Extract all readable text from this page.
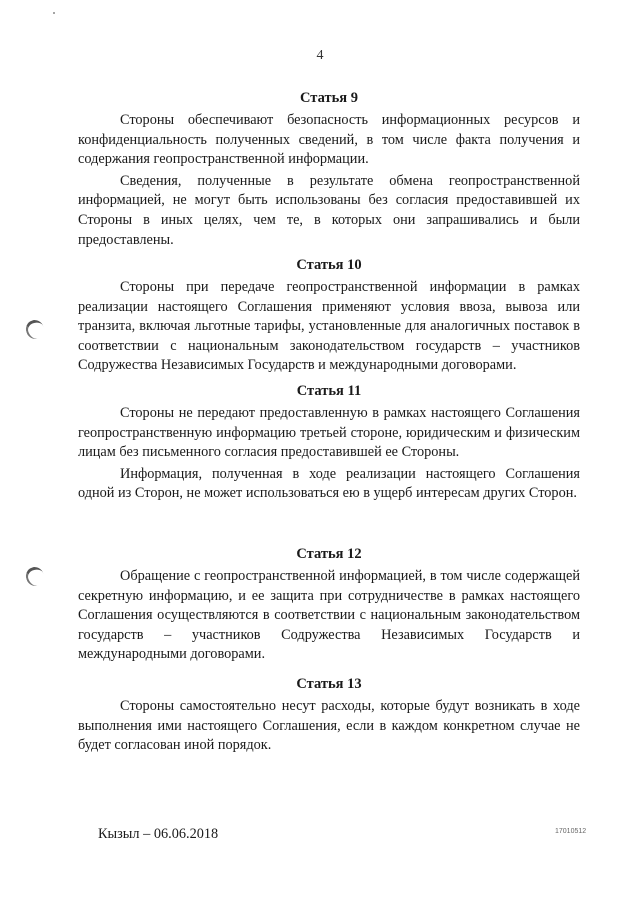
4
Статья 9

Стороны обеспечивают безопасность информационных ресурсов и конфиденциальность полученных сведений, в том числе факта получения и содержания геопространственной информации.

Сведения, полученные в результате обмена геопространственной информацией, не могут быть использованы без согласия предоставившей их Стороны в иных целях, чем те, в которых они запрашивались и были предоставлены.

Статья 10

Стороны при передаче геопространственной информации в рамках реализации настоящего Соглашения применяют условия ввоза, вывоза или транзита, включая льготные тарифы, установленные для аналогичных поставок в соответствии с национальным законодательством государств – участников Содружества Независимых Государств и международными договорами.

Статья 11

Стороны не передают предоставленную в рамках настоящего Соглашения геопространственную информацию третьей стороне, юридическим и физическим лицам без письменного согласия предоставившей ее Стороны.

Информация, полученная в ходе реализации настоящего Соглашения одной из Сторон, не может использоваться ею в ущерб интересам других Сторон.

Статья 12

Обращение с геопространственной информацией, в том числе содержащей секретную информацию, и ее защита при сотрудничестве в рамках настоящего Соглашения осуществляются в соответствии с национальным законодательством государств – участников Содружества Независимых Государств и международными договорами.

Статья 13

Стороны самостоятельно несут расходы, которые будут возникать в ходе выполнения ими настоящего Соглашения, если в каждом конкретном случае не будет согласован иной порядок.

Кызыл – 06.06.2018	17010512
